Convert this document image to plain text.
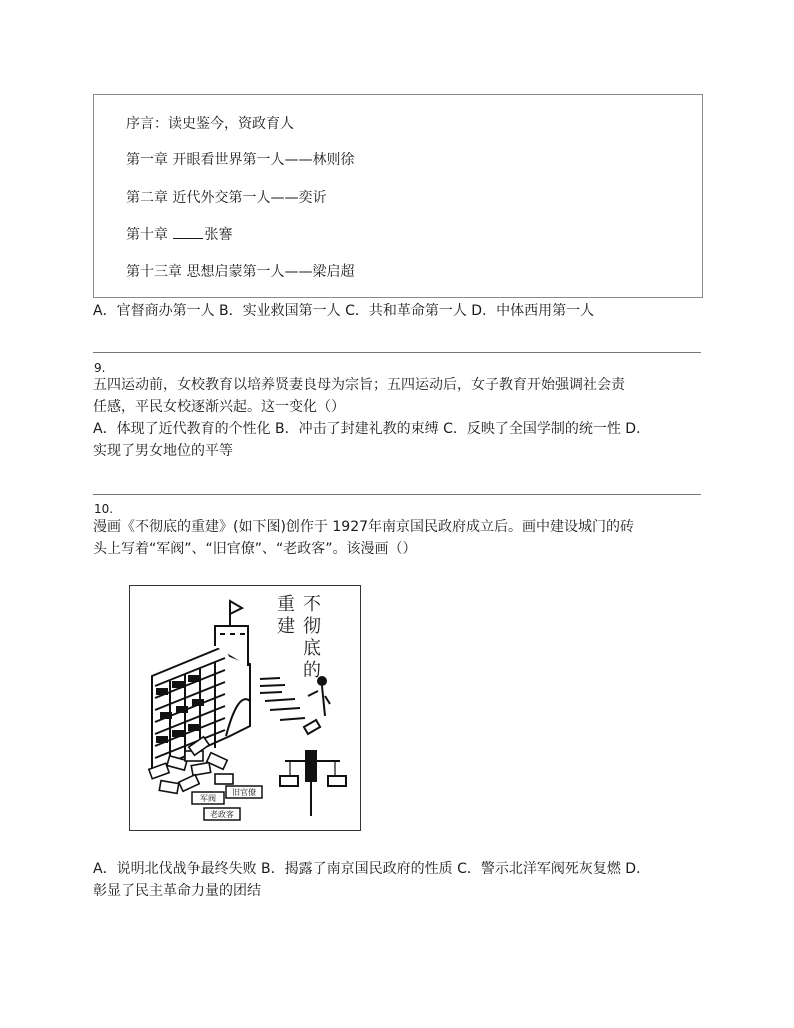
序言：读史鉴今，资政育人
第一章 开眼看世界第一人——林则徐
第二章 近代外交第一人——奕䜣
第十章	张謇
第十三章 思想启蒙第一人——梁启超
A．官督商办第一人 B．实业救国第一人 C．共和革命第一人 D．中体西用第一人
9.

五四运动前，女校教育以培养贤妻良母为宗旨；五四运动后，女子教育开始强调社会责

任感，平民女校逐渐兴起。这一变化（）

A．体现了近代教育的个性化 B．冲击了封建礼教的束缚 C．反映了全国学制的统一性 D．

实现了男女地位的平等

10.

漫画《不彻底的重建》(如下图)创作于 1927年南京国民政府成立后。画中建设城门的砖

头上写着“军阀”、“旧官僚”、“老政客”。该漫画（）

军阀
旧官僚
老政客
不
彻
底
的
重
建

A．说明北伐战争最终失败 B．揭露了南京国民政府的性质 C．警示北洋军阀死灰复燃 D．

彰显了民主革命力量的团结
